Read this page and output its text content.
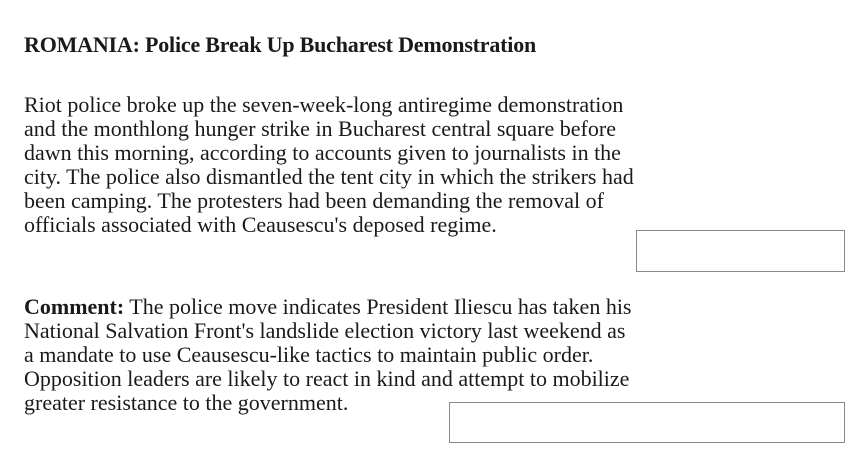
ROMANIA: Police Break Up Bucharest Demonstration

Riot police broke up the seven-week-long antiregime demonstration
and the monthlong hunger strike in Bucharest central square before
dawn this morning, according to accounts given to journalists in the
city. The police also dismantled the tent city in which the strikers had
been camping. The protesters had been demanding the removal of
officials associated with Ceausescu's deposed regime.

Comment: The police move indicates President Iliescu has taken his
National Salvation Front's landslide election victory last weekend as
a mandate to use Ceausescu-like tactics to maintain public order.
Opposition leaders are likely to react in kind and attempt to mobilize
greater resistance to the government.
